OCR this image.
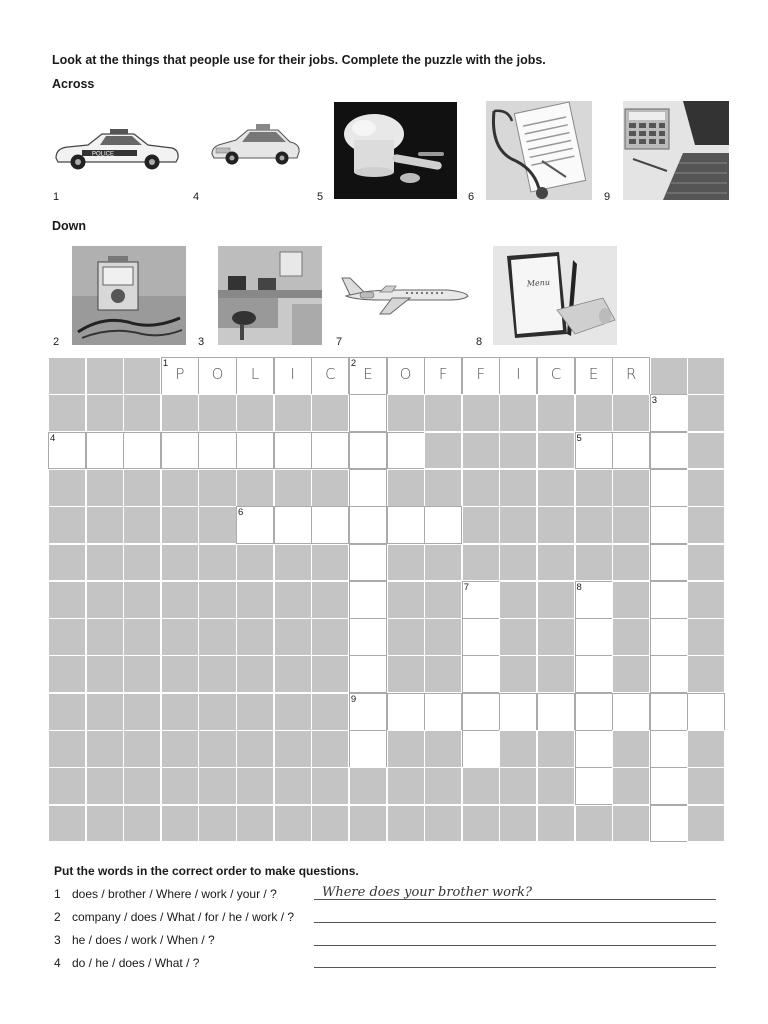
Look at the things that people use for their jobs. Complete the puzzle with the jobs.
Across
POLICE
1	4	5	6	9
Down
Menu
2	3	7	8
1
P	O	L	I	C
2
E	O	F	F	I	C	E	R
3
4	5
6
7	8
9
Put the words in the correct order to make questions.
1 does / brother / Where / work / your / ?	Where does your brother work?
2 company / does / What / for / he / work / ?
3 he / does / work / When / ?
4 do / he / does / What / ?
